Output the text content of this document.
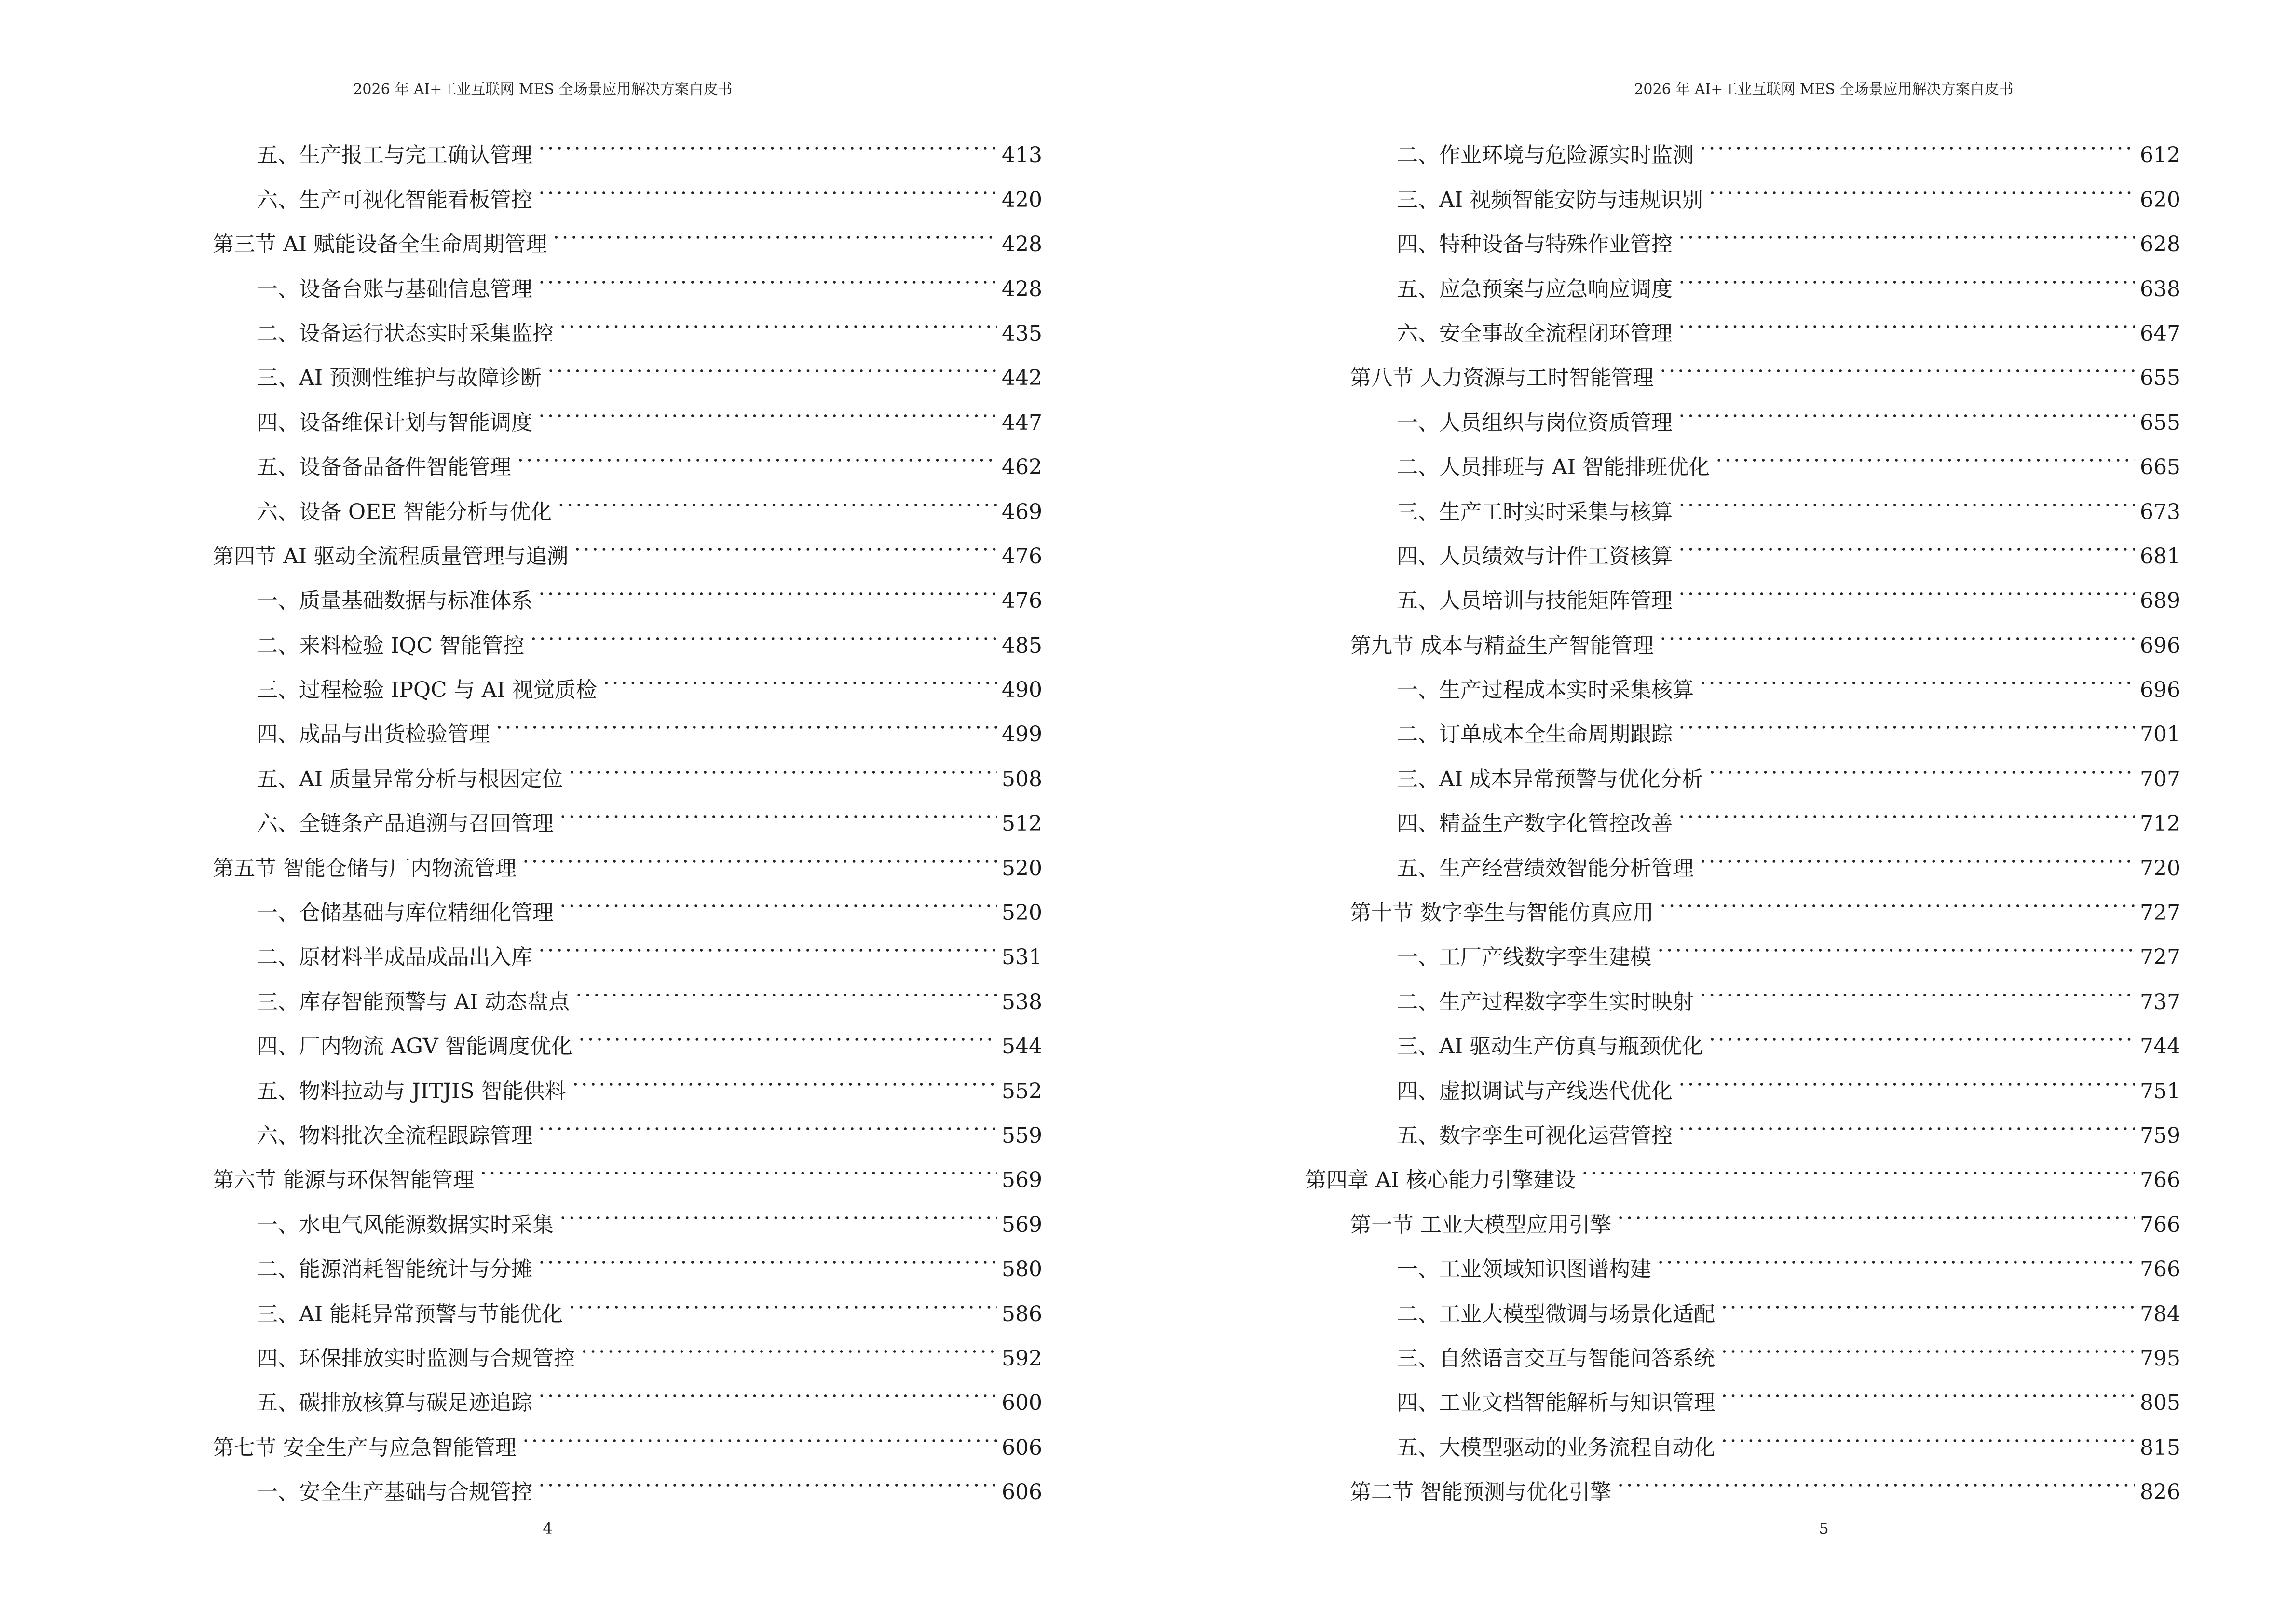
2026 年 AI+工业互联网 MES 全场景应用解决方案白皮书
五、生产报工与完工确认管理	413
六、生产可视化智能看板管控	420
第三节 AI 赋能设备全生命周期管理	428
一、设备台账与基础信息管理	428
二、设备运行状态实时采集监控	435
三、AI 预测性维护与故障诊断	442
四、设备维保计划与智能调度	447
五、设备备品备件智能管理	462
六、设备 OEE 智能分析与优化	469
第四节 AI 驱动全流程质量管理与追溯	476
一、质量基础数据与标准体系	476
二、来料检验 IQC 智能管控	485
三、过程检验 IPQC 与 AI 视觉质检	490
四、成品与出货检验管理	499
五、AI 质量异常分析与根因定位	508
六、全链条产品追溯与召回管理	512
第五节 智能仓储与厂内物流管理	520
一、仓储基础与库位精细化管理	520
二、原材料半成品成品出入库	531
三、库存智能预警与 AI 动态盘点	538
四、厂内物流 AGV 智能调度优化	544
五、物料拉动与 JITJIS 智能供料	552
六、物料批次全流程跟踪管理	559
第六节 能源与环保智能管理	569
一、水电气风能源数据实时采集	569
二、能源消耗智能统计与分摊	580
三、AI 能耗异常预警与节能优化	586
四、环保排放实时监测与合规管控	592
五、碳排放核算与碳足迹追踪	600
第七节 安全生产与应急智能管理	606
一、安全生产基础与合规管控	606
4
2026 年 AI+工业互联网 MES 全场景应用解决方案白皮书
二、作业环境与危险源实时监测	612
三、AI 视频智能安防与违规识别	620
四、特种设备与特殊作业管控	628
五、应急预案与应急响应调度	638
六、安全事故全流程闭环管理	647
第八节 人力资源与工时智能管理	655
一、人员组织与岗位资质管理	655
二、人员排班与 AI 智能排班优化	665
三、生产工时实时采集与核算	673
四、人员绩效与计件工资核算	681
五、人员培训与技能矩阵管理	689
第九节 成本与精益生产智能管理	696
一、生产过程成本实时采集核算	696
二、订单成本全生命周期跟踪	701
三、AI 成本异常预警与优化分析	707
四、精益生产数字化管控改善	712
五、生产经营绩效智能分析管理	720
第十节 数字孪生与智能仿真应用	727
一、工厂产线数字孪生建模	727
二、生产过程数字孪生实时映射	737
三、AI 驱动生产仿真与瓶颈优化	744
四、虚拟调试与产线迭代优化	751
五、数字孪生可视化运营管控	759
第四章 AI 核心能力引擎建设	766
第一节 工业大模型应用引擎	766
一、工业领域知识图谱构建	766
二、工业大模型微调与场景化适配	784
三、自然语言交互与智能问答系统	795
四、工业文档智能解析与知识管理	805
五、大模型驱动的业务流程自动化	815
第二节 智能预测与优化引擎	826
5
